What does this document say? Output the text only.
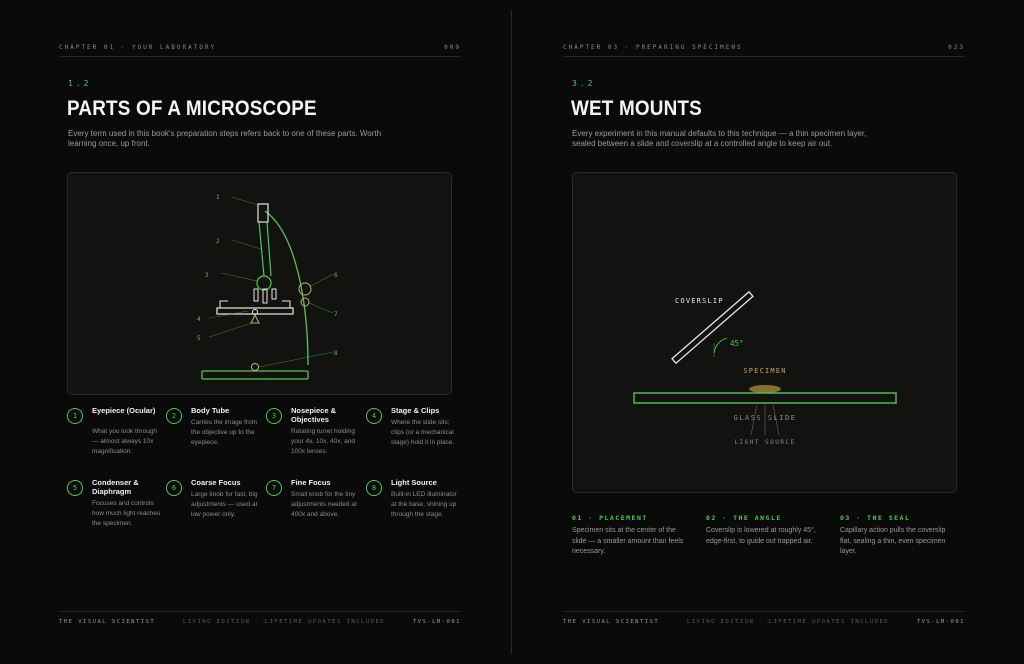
CHAPTER 01 · YOUR LABORATORY	009
1.2
PARTS OF A MICROSCOPE
Every term used in this book's preparation steps refers back to one of these parts. Worth learning once, up front.
1
2
3
4
5
6
7
8
1
Eyepiece (Ocular)
What you look through — almost always 10x magnification.
2
Body Tube
Carries the image from the objective up to the eyepiece.
3
Nosepiece & Objectives
Rotating turret holding your 4x, 10x, 40x, and 100x lenses.
4
Stage & Clips
Where the slide sits; clips (or a mechanical stage) hold it in place.
5
Condenser & Diaphragm
Focuses and controls how much light reaches the specimen.
6
Coarse Focus
Large knob for fast, big adjustments — used at low power only.
7
Fine Focus
Small knob for the tiny adjustments needed at 400x and above.
8
Light Source
Built-in LED illuminator at the base, shining up through the stage.
THE VISUAL SCIENTIST	LIVING EDITION · LIFETIME UPDATES INCLUDED	TVS-LM-001
CHAPTER 03 · PREPARING SPECIMENS	023
3.2
WET MOUNTS
Every experiment in this manual defaults to this technique — a thin specimen layer, sealed between a slide and coverslip at a controlled angle to keep air out.
45°
COVERSLIP
SPECIMEN
GLASS SLIDE
LIGHT SOURCE
01 · PLACEMENT
Specimen sits at the center of the slide — a smaller amount than feels necessary.
02 · THE ANGLE
Coverslip is lowered at roughly 45°, edge-first, to guide out trapped air.
03 · THE SEAL
Capillary action pulls the coverslip flat, sealing a thin, even specimen layer.
THE VISUAL SCIENTIST	LIVING EDITION · LIFETIME UPDATES INCLUDED	TVS-LM-001
